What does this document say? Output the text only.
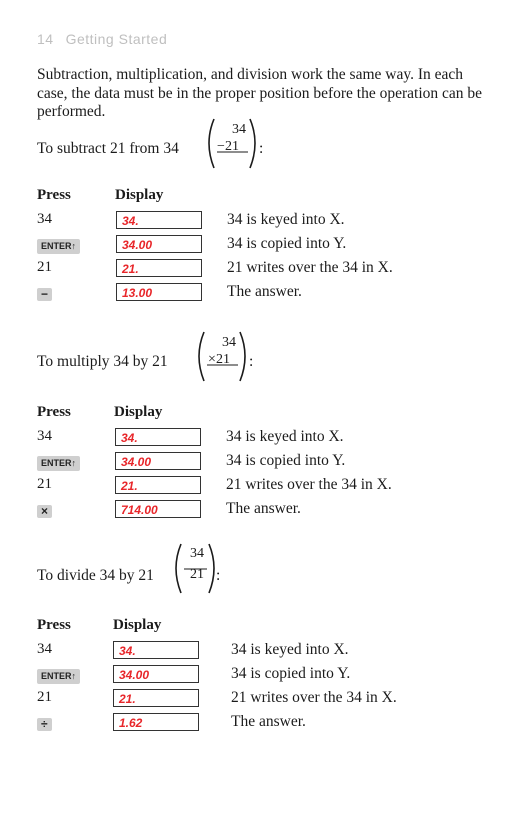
14 Getting Started
Subtraction, multiplication, and division work the same way. In each case, the data must be in the proper position before the operation can be performed.
To subtract 21 from 34
34
−21	:
Press	Display
34	34.	34 is keyed into X.
ENTER↑	34.00	34 is copied into Y.
21	21.	21 writes over the 34 in X.
−	13.00	The answer.
To multiply 34 by 21
34
×21	:
Press	Display
34	34.	34 is keyed into X.
ENTER↑	34.00	34 is copied into Y.
21	21.	21 writes over the 34 in X.
×	714.00	The answer.
To divide 34 by 21
34
21 :
Press	Display
34	34.	34 is keyed into X.
ENTER↑	34.00	34 is copied into Y.
21	21.	21 writes over the 34 in X.
÷	1.62	The answer.
